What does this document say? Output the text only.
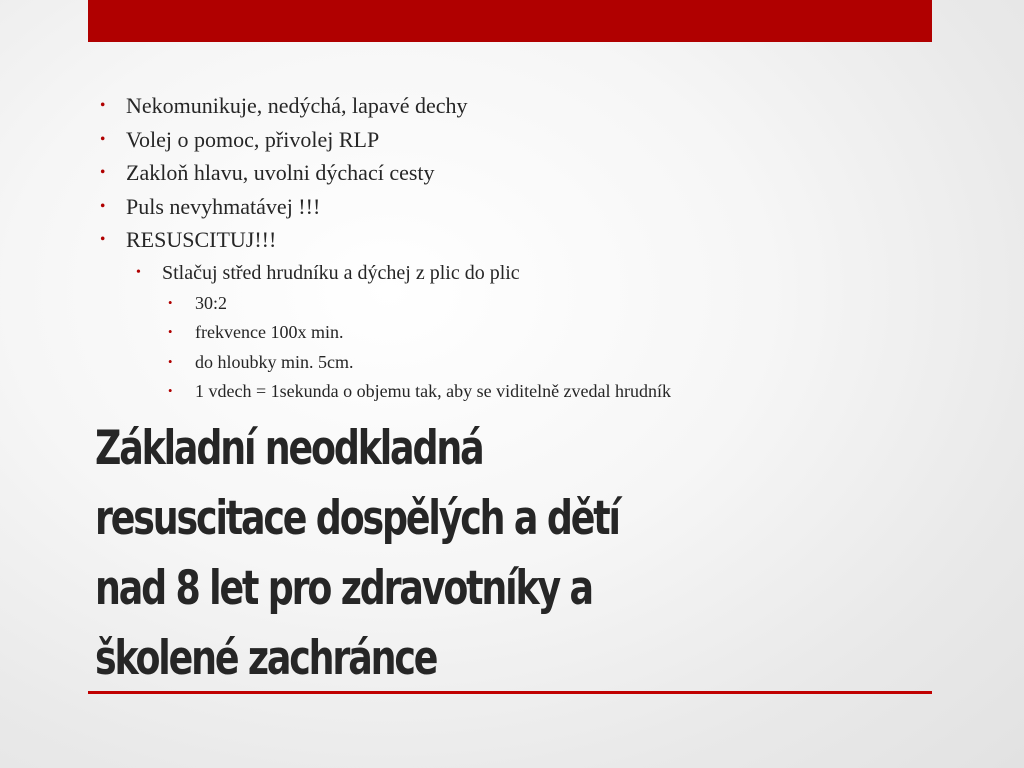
• Nekomunikuje, nedýchá, lapavé dechy
• Volej o pomoc, přivolej RLP
• Zakloň hlavu, uvolni dýchací cesty
• Puls nevyhmatávej !!!
• RESUSCITUJ!!!
• Stlačuj střed hrudníku a dýchej z plic do plic
• 30:2
• frekvence 100x min.
• do hloubky min. 5cm.
• 1 vdech = 1sekunda o objemu tak, aby se viditelně zvedal hrudník
Základní neodkladná
resuscitace dospělých a dětí
nad 8 let pro zdravotníky a
školené zachránce
